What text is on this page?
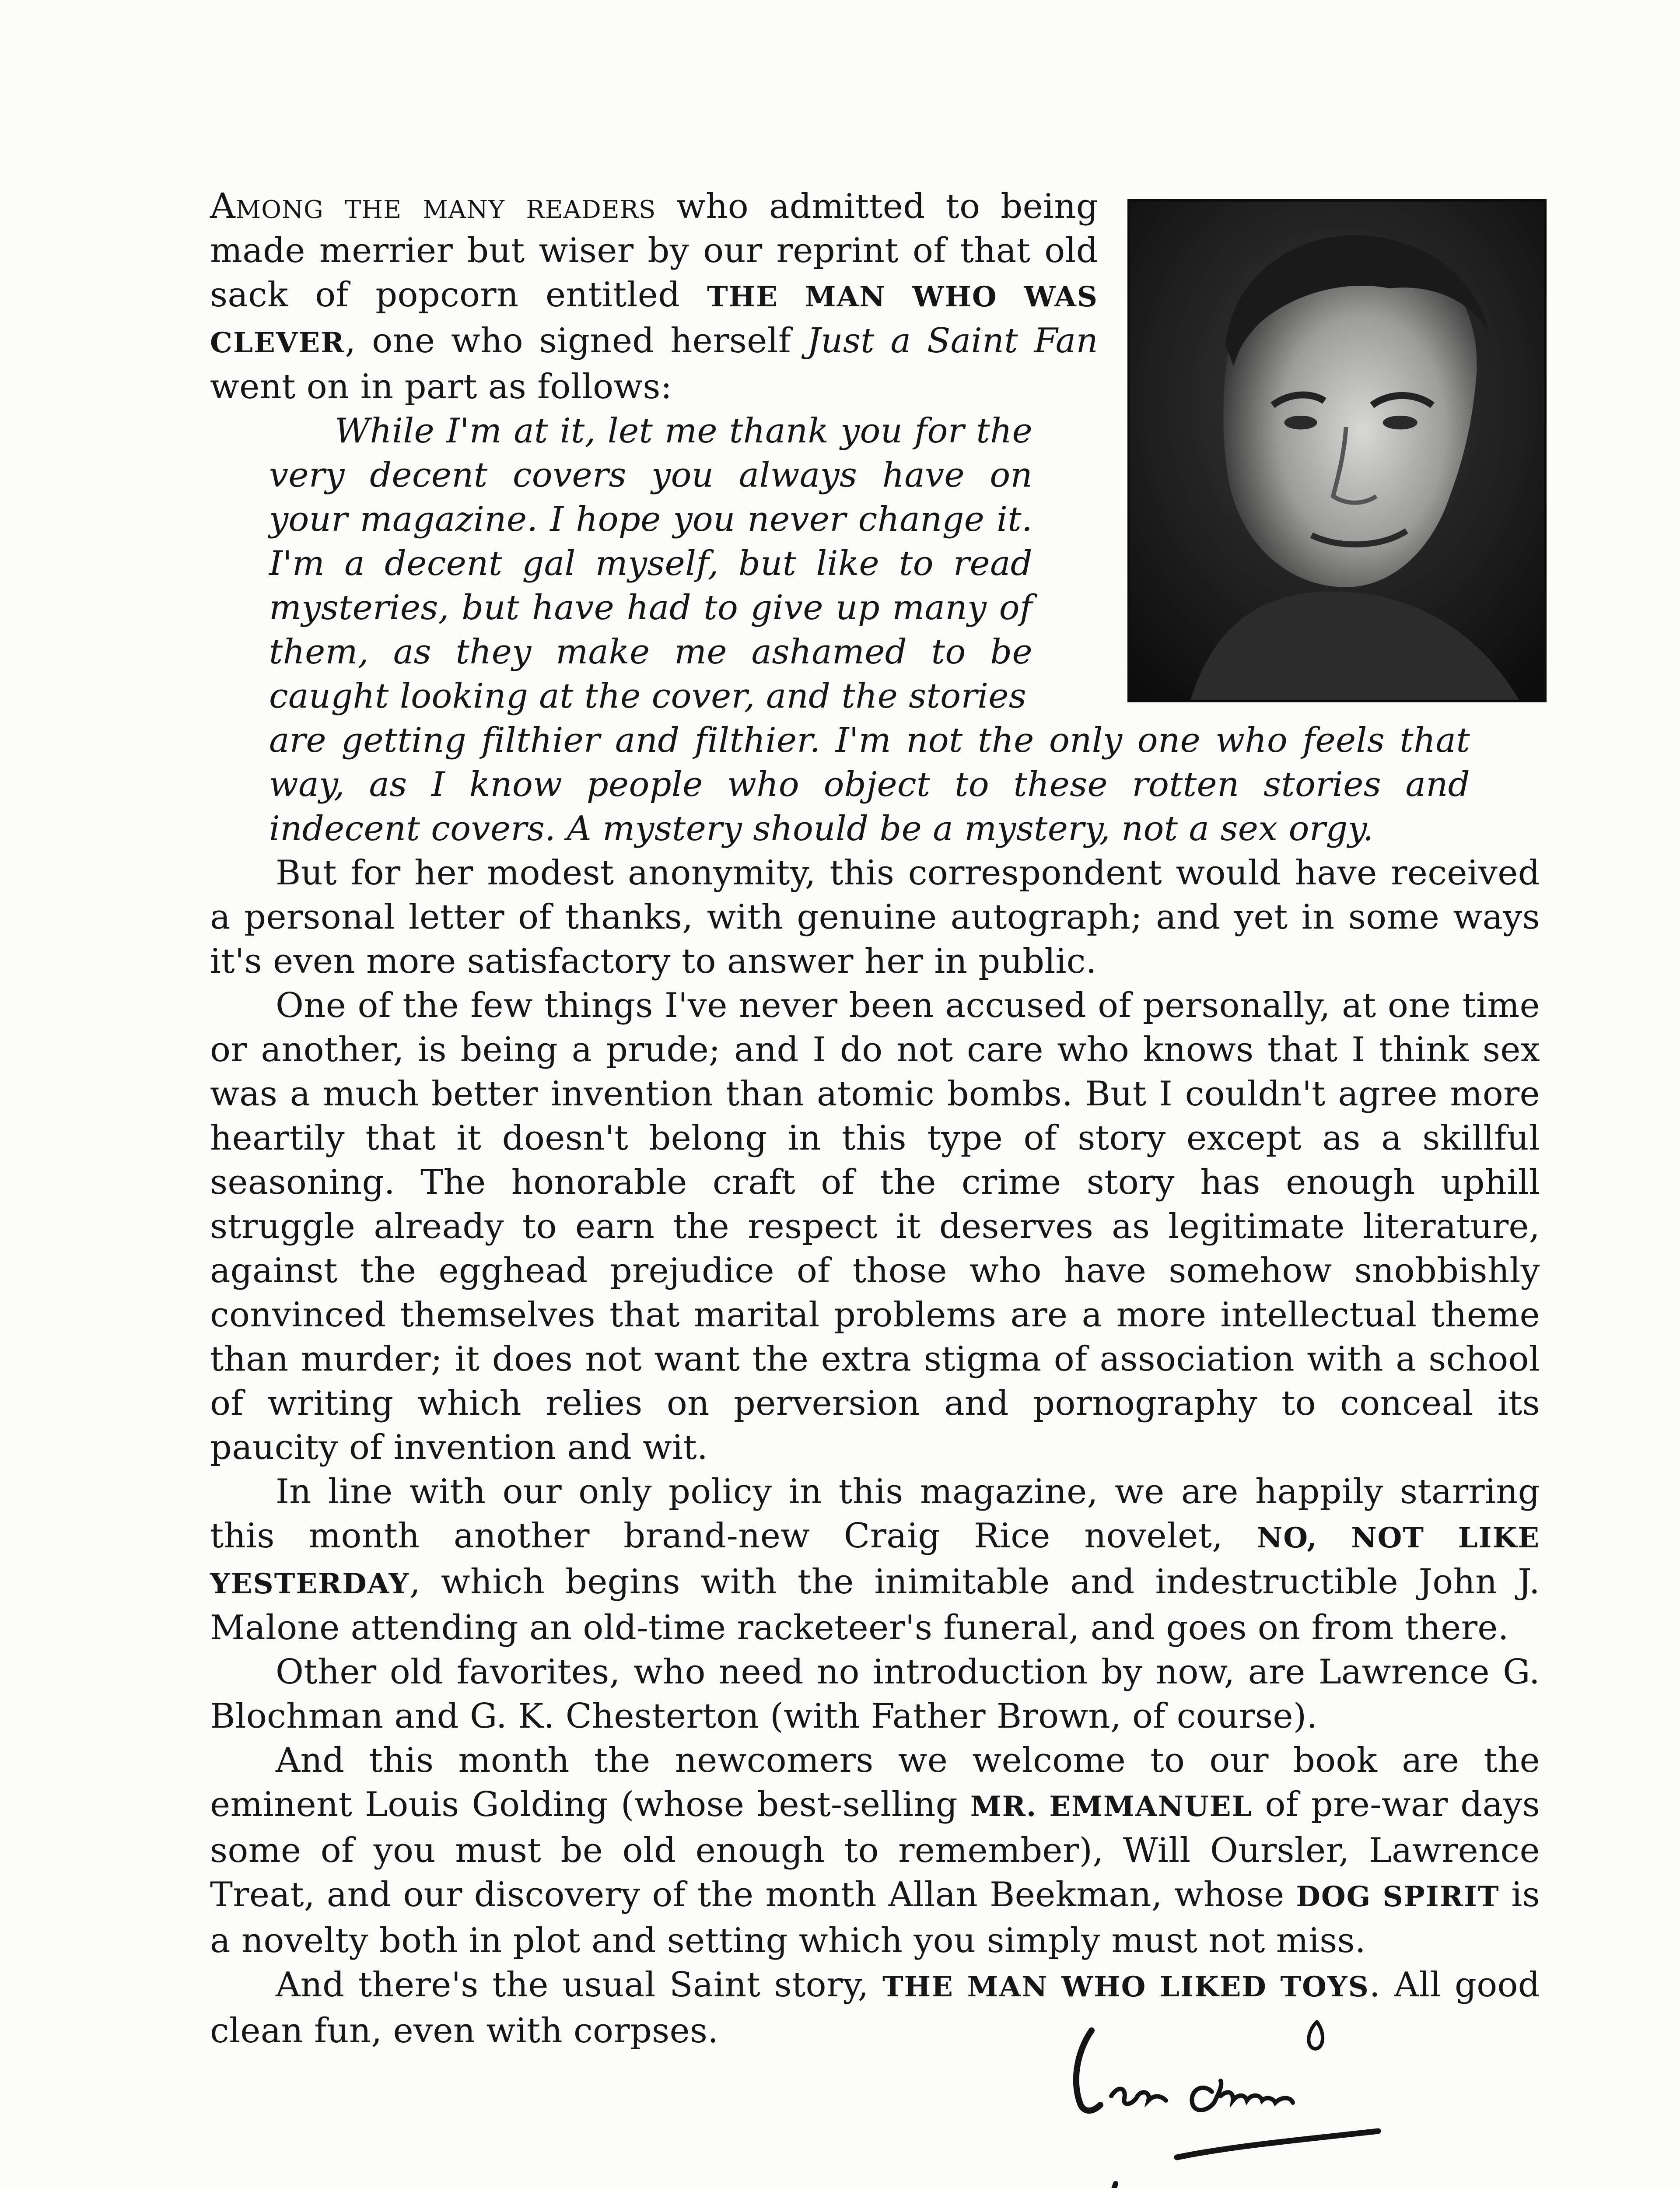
Among the many readers who admitted to being made merrier but wiser by our reprint of that old sack of popcorn entitled THE MAN WHO WAS CLEVER, one who signed herself Just a Saint Fan went on in part as follows:

While I'm at it, let me thank you for the very decent covers you always have on your magazine. I hope you never change it. I'm a decent gal myself, but like to read mysteries, but have had to give up many of them, as they make me ashamed to be caught looking at the cover, and the stories

are getting filthier and filthier. I'm not the only one who feels that way, as I know people who object to these rotten stories and indecent covers. A mystery should be a mystery, not a sex orgy.

But for her modest anonymity, this correspondent would have received a personal letter of thanks, with genuine autograph; and yet in some ways it's even more satisfactory to answer her in public.

One of the few things I've never been accused of personally, at one time or another, is being a prude; and I do not care who knows that I think sex was a much better invention than atomic bombs. But I couldn't agree more heartily that it doesn't belong in this type of story except as a skillful seasoning. The honorable craft of the crime story has enough uphill struggle already to earn the respect it deserves as legitimate literature, against the egghead prejudice of those who have somehow snobbishly convinced themselves that marital problems are a more intellectual theme than murder; it does not want the extra stigma of association with a school of writing which relies on perversion and pornography to conceal its paucity of invention and wit.

In line with our only policy in this magazine, we are happily starring this month another brand-new Craig Rice novelet, NO, NOT LIKE YESTERDAY, which begins with the inimitable and indestructible John J. Malone attending an old-time racketeer's funeral, and goes on from there.

Other old favorites, who need no introduction by now, are Lawrence G. Blochman and G. K. Chesterton (with Father Brown, of course).

And this month the newcomers we welcome to our book are the eminent Louis Golding (whose best-selling MR. EMMANUEL of pre-war days some of you must be old enough to remember), Will Oursler, Lawrence Treat, and our discovery of the month Allan Beekman, whose DOG SPIRIT is a novelty both in plot and setting which you simply must not miss.

And there's the usual Saint story, THE MAN WHO LIKED TOYS. All good clean fun, even with corpses.
